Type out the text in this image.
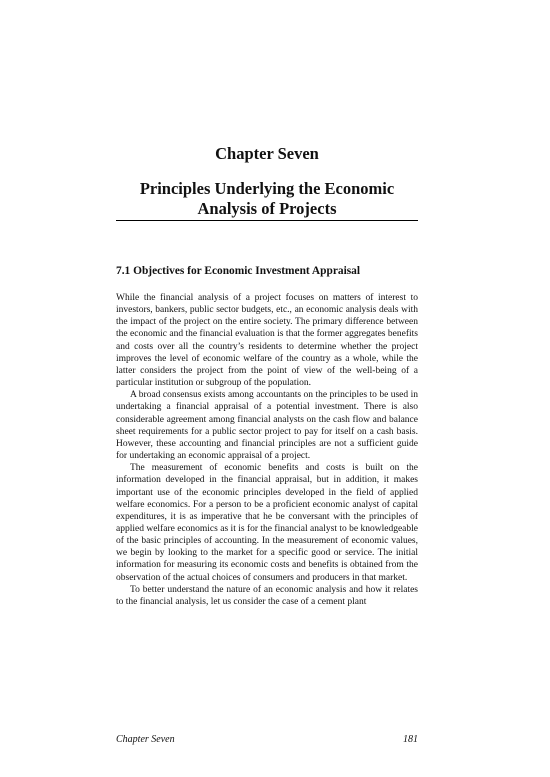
Chapter Seven
Principles Underlying the Economic
Analysis of Projects
7.1 Objectives for Economic Investment Appraisal

While the financial analysis of a project focuses on matters of interest to investors, bankers, public sector budgets, etc., an economic analysis deals with the impact of the project on the entire society. The primary difference between the economic and the financial evaluation is that the former aggregates benefits and costs over all the country’s residents to determine whether the project improves the level of economic welfare of the country as a whole, while the latter considers the project from the point of view of the well-being of a particular institution or subgroup of the population.

A broad consensus exists among accountants on the principles to be used in undertaking a financial appraisal of a potential investment. There is also considerable agreement among financial analysts on the cash flow and balance sheet requirements for a public sector project to pay for itself on a cash basis. However, these accounting and financial principles are not a sufficient guide for undertaking an economic appraisal of a project.

The measurement of economic benefits and costs is built on the information developed in the financial appraisal, but in addition, it makes important use of the economic principles developed in the field of applied welfare economics. For a person to be a proficient economic analyst of capital expenditures, it is as imperative that he be conversant with the principles of applied welfare economics as it is for the financial analyst to be knowledgeable of the basic principles of accounting. In the measurement of economic values, we begin by looking to the market for a specific good or service. The initial information for measuring its economic costs and benefits is obtained from the observation of the actual choices of consumers and producers in that market.

To better understand the nature of an economic analysis and how it relates to the financial analysis, let us consider the case of a cement plant

Chapter Seven	181
